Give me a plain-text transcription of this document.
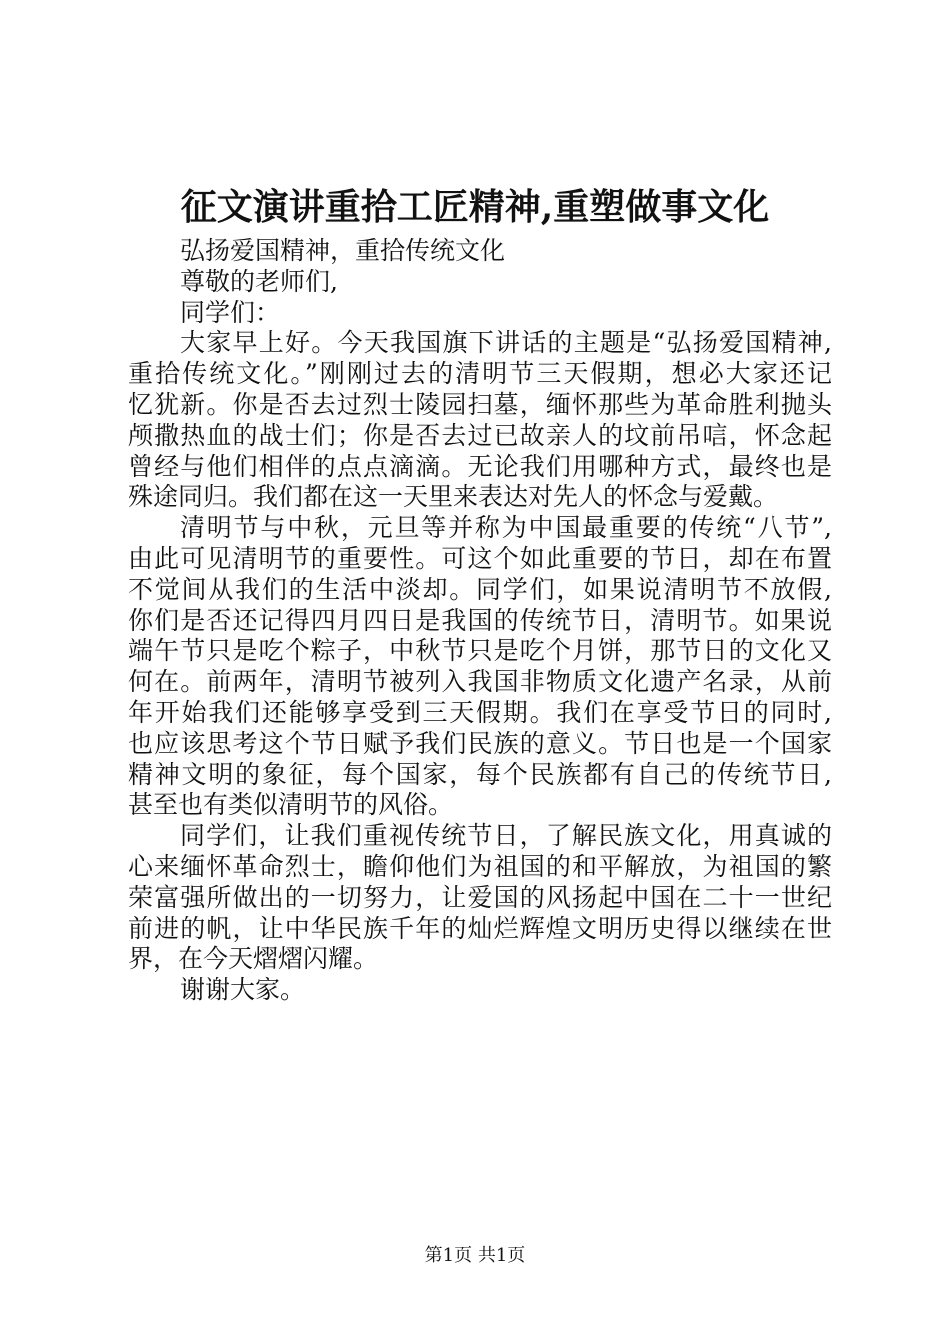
征文演讲重拾工匠精神,重塑做事文化
弘扬爱国精神，重拾传统文化
尊敬的老师们,
同学们：
大家早上好。今天我国旗下讲话的主题是“弘扬爱国精神,
重拾传统文化。”刚刚过去的清明节三天假期，想必大家还记
忆犹新。你是否去过烈士陵园扫墓，缅怀那些为革命胜利抛头
颅撒热血的战士们；你是否去过已故亲人的坟前吊唁，怀念起
曾经与他们相伴的点点滴滴。无论我们用哪种方式，最终也是
殊途同归。我们都在这一天里来表达对先人的怀念与爱戴。
清明节与中秋，元旦等并称为中国最重要的传统“八节”,
由此可见清明节的重要性。可这个如此重要的节日，却在布置
不觉间从我们的生活中淡却。同学们，如果说清明节不放假,
你们是否还记得四月四日是我国的传统节日，清明节。如果说
端午节只是吃个粽子，中秋节只是吃个月饼，那节日的文化又
何在。前两年，清明节被列入我国非物质文化遗产名录，从前
年开始我们还能够享受到三天假期。我们在享受节日的同时,
也应该思考这个节日赋予我们民族的意义。节日也是一个国家
精神文明的象征，每个国家，每个民族都有自己的传统节日,
甚至也有类似清明节的风俗。
同学们，让我们重视传统节日，了解民族文化，用真诚的
心来缅怀革命烈士，瞻仰他们为祖国的和平解放，为祖国的繁
荣富强所做出的一切努力，让爱国的风扬起中国在二十一世纪
前进的帆，让中华民族千年的灿烂辉煌文明历史得以继续在世
界，在今天熠熠闪耀。
谢谢大家。
第1页 共1页
